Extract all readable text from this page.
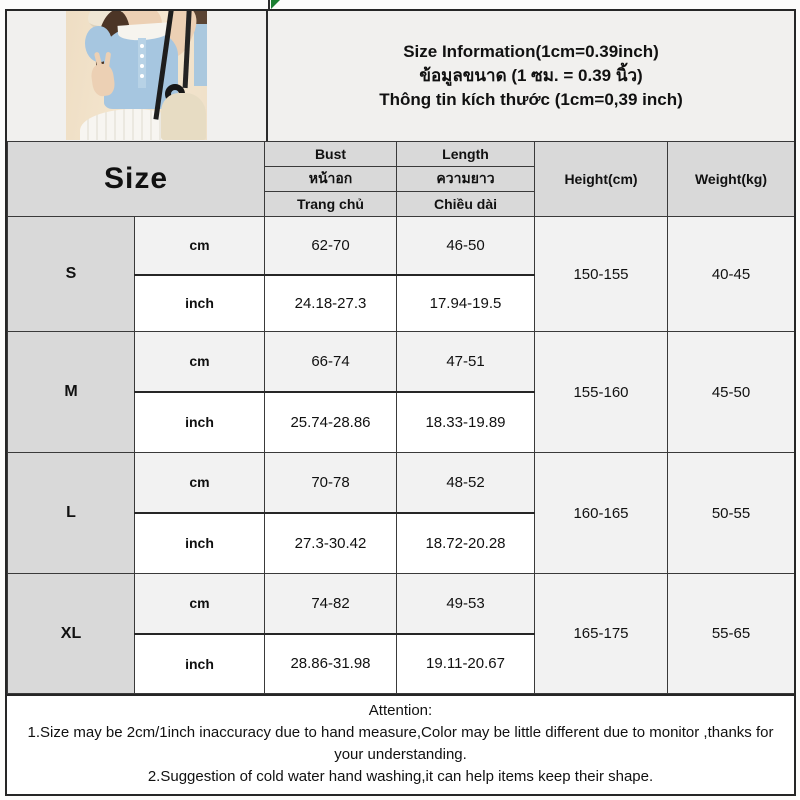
Size Information(1cm=0.39inch)
ข้อมูลขนาด (1 ซม. = 0.39 นิ้ว)
Thông tin kích thước (1cm=0,39 inch)
Size		Bust	Length	Height(cm)	Weight(kg)
		หน้าอก	ความยาว		
		Trang chủ	Chiều dài		
S	cm	62-70	46-50	150-155	40-45
	inch	24.18-27.3	17.94-19.5		
M	cm	66-74	47-51	155-160	45-50
	inch	25.74-28.86	18.33-19.89		
L	cm	70-78	48-52	160-165	50-55
	inch	27.3-30.42	18.72-20.28		
XL	cm	74-82	49-53	165-175	55-65
	inch	28.86-31.98	19.11-20.67		
Attention:
1.Size may be 2cm/1inch inaccuracy due to hand measure,Color may be little different due to monitor ,thanks for your understanding.
2.Suggestion of cold water hand washing,it can help items keep their shape.
